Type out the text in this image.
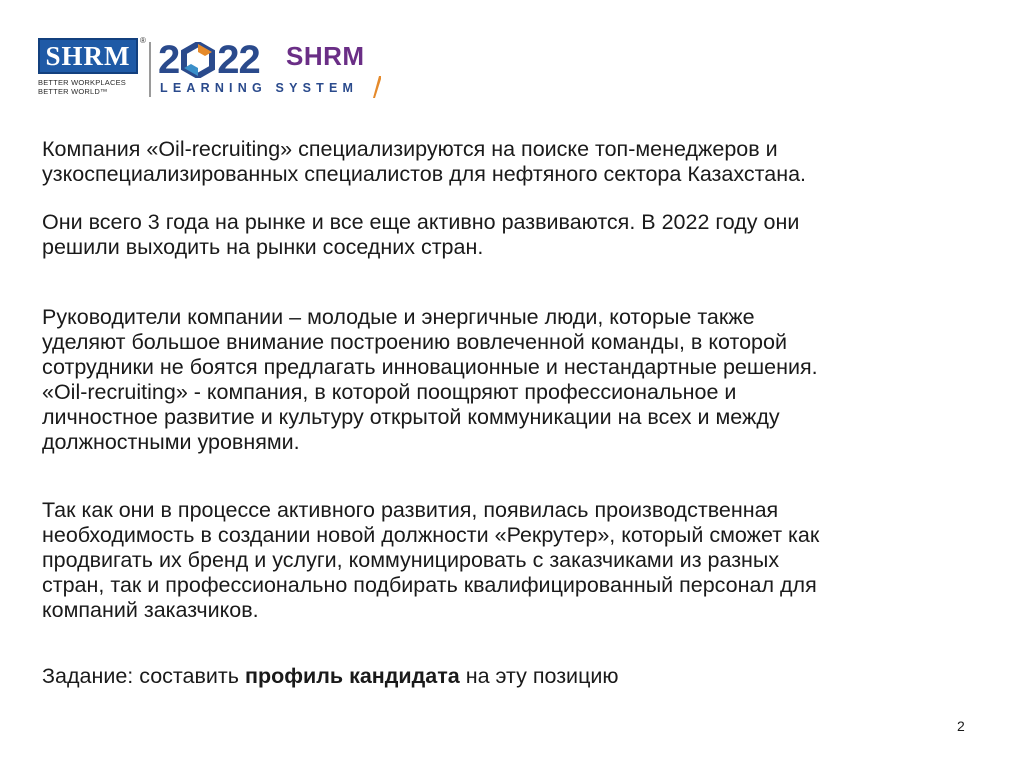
SHRM ®
BETTER WORKPLACES
BETTER WORLD™
2 22 SHRM
LEARNING SYSTEM

Компания «Oil-recruiting» специализируются на поиске топ-менеджеров и
узкоспециализированных специалистов для нефтяного сектора Казахстана.

Они всего 3 года на рынке и все еще активно развиваются. В 2022 году они
решили выходить на рынки соседних стран.

Руководители компании – молодые и энергичные люди, которые также
уделяют большое внимание построению вовлеченной команды, в которой
сотрудники не боятся предлагать инновационные и нестандартные решения.
«Oil-recruiting» - компания, в которой поощряют профессиональное и
личностное развитие и культуру открытой коммуникации на всех и между
должностными уровнями.

Так как они в процессе активного развития, появилась производственная
необходимость в создании новой должности «Рекрутер», который сможет как
продвигать их бренд и услуги, коммуницировать с заказчиками из разных
стран, так и профессионально подбирать квалифицированный персонал для
компаний заказчиков.

Задание: составить профиль кандидата на эту позицию

2
